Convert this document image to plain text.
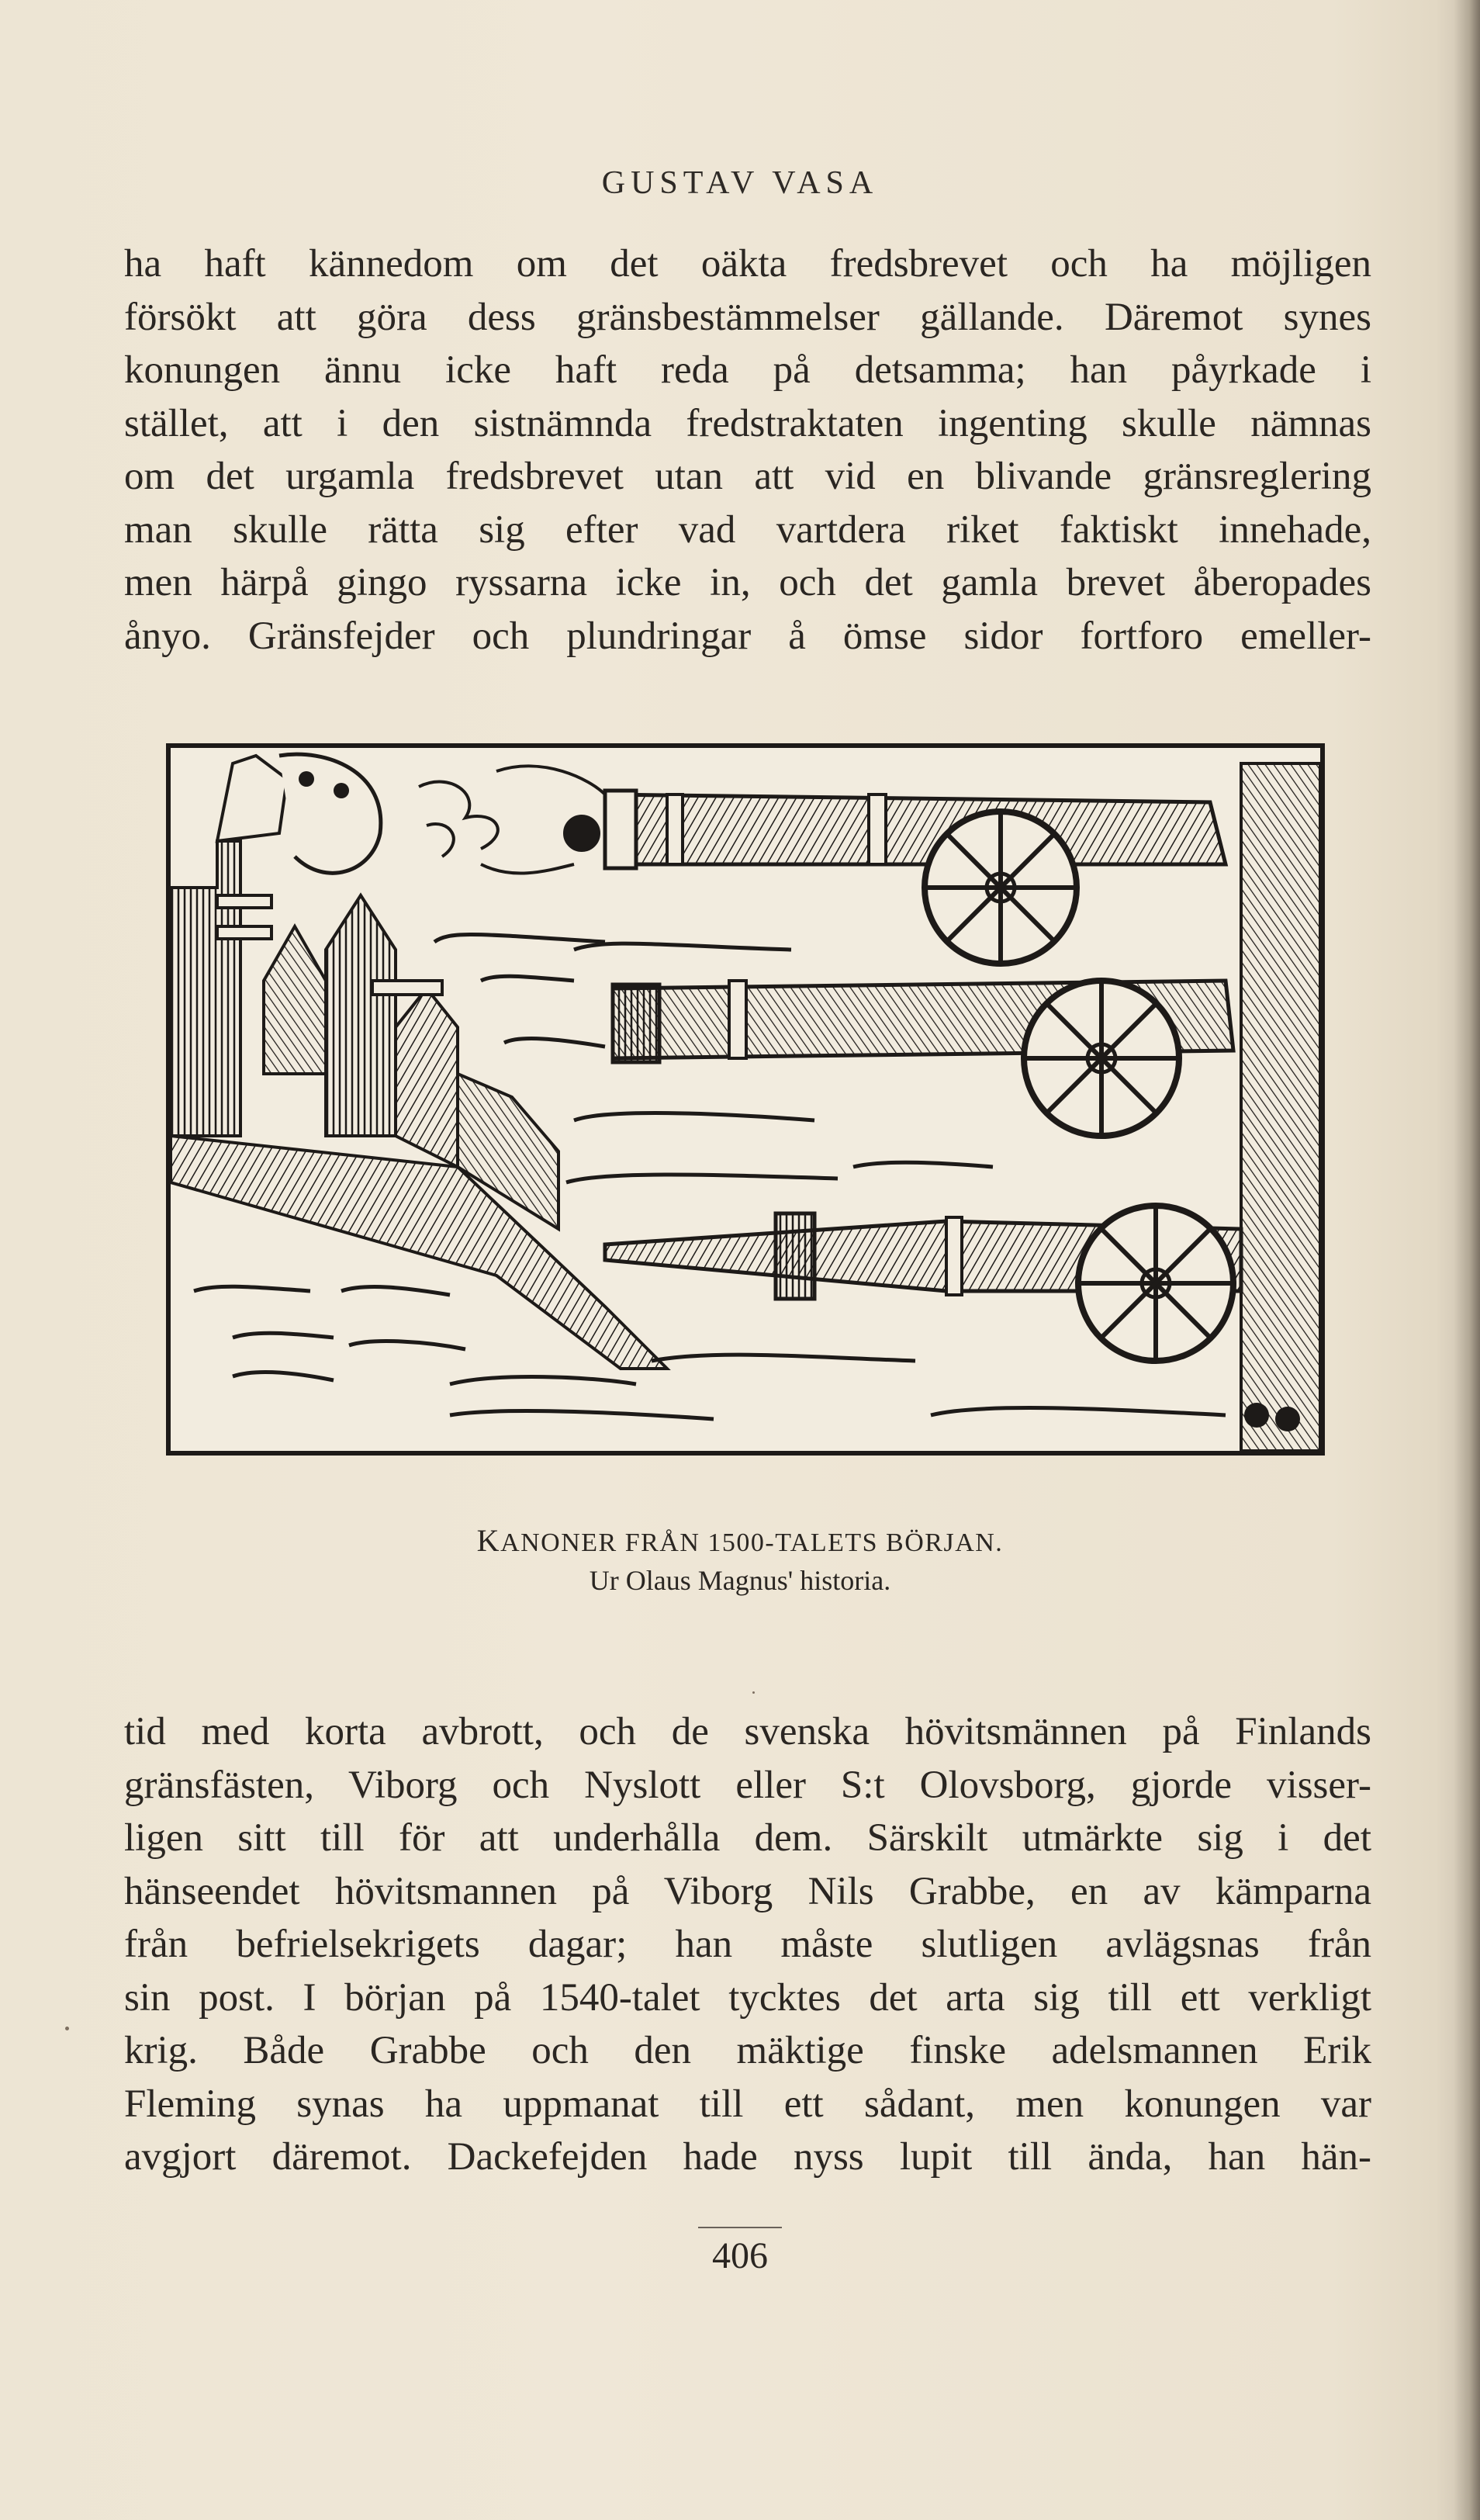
GUSTAV VASA
ha haft kännedom om det oäkta fredsbrevet och ha möjligen
försökt att göra dess gränsbestämmelser gällande. Däremot synes
konungen ännu icke haft reda på detsamma; han påyrkade i
stället, att i den sistnämnda fredstraktaten ingenting skulle nämnas
om det urgamla fredsbrevet utan att vid en blivande gränsreglering
man skulle rätta sig efter vad vartdera riket faktiskt innehade,
men härpå gingo ryssarna icke in, och det gamla brevet åberopades
ånyo. Gränsfejder och plundringar å ömse sidor fortforo emeller-
KANONER FRÅN 1500-TALETS BÖRJAN.
Ur Olaus Magnus' historia.
tid med korta avbrott, och de svenska hövitsmännen på Finlands
gränsfästen, Viborg och Nyslott eller S:t Olovsborg, gjorde visser-
ligen sitt till för att underhålla dem. Särskilt utmärkte sig i det
hänseendet hövitsmannen på Viborg Nils Grabbe, en av kämparna
från befrielsekrigets dagar; han måste slutligen avlägsnas från
sin post. I början på 1540-talet tycktes det arta sig till ett verkligt
krig. Både Grabbe och den mäktige finske adelsmannen Erik
Fleming synas ha uppmanat till ett sådant, men konungen var
avgjort däremot. Dackefejden hade nyss lupit till ända, han hän-
406
